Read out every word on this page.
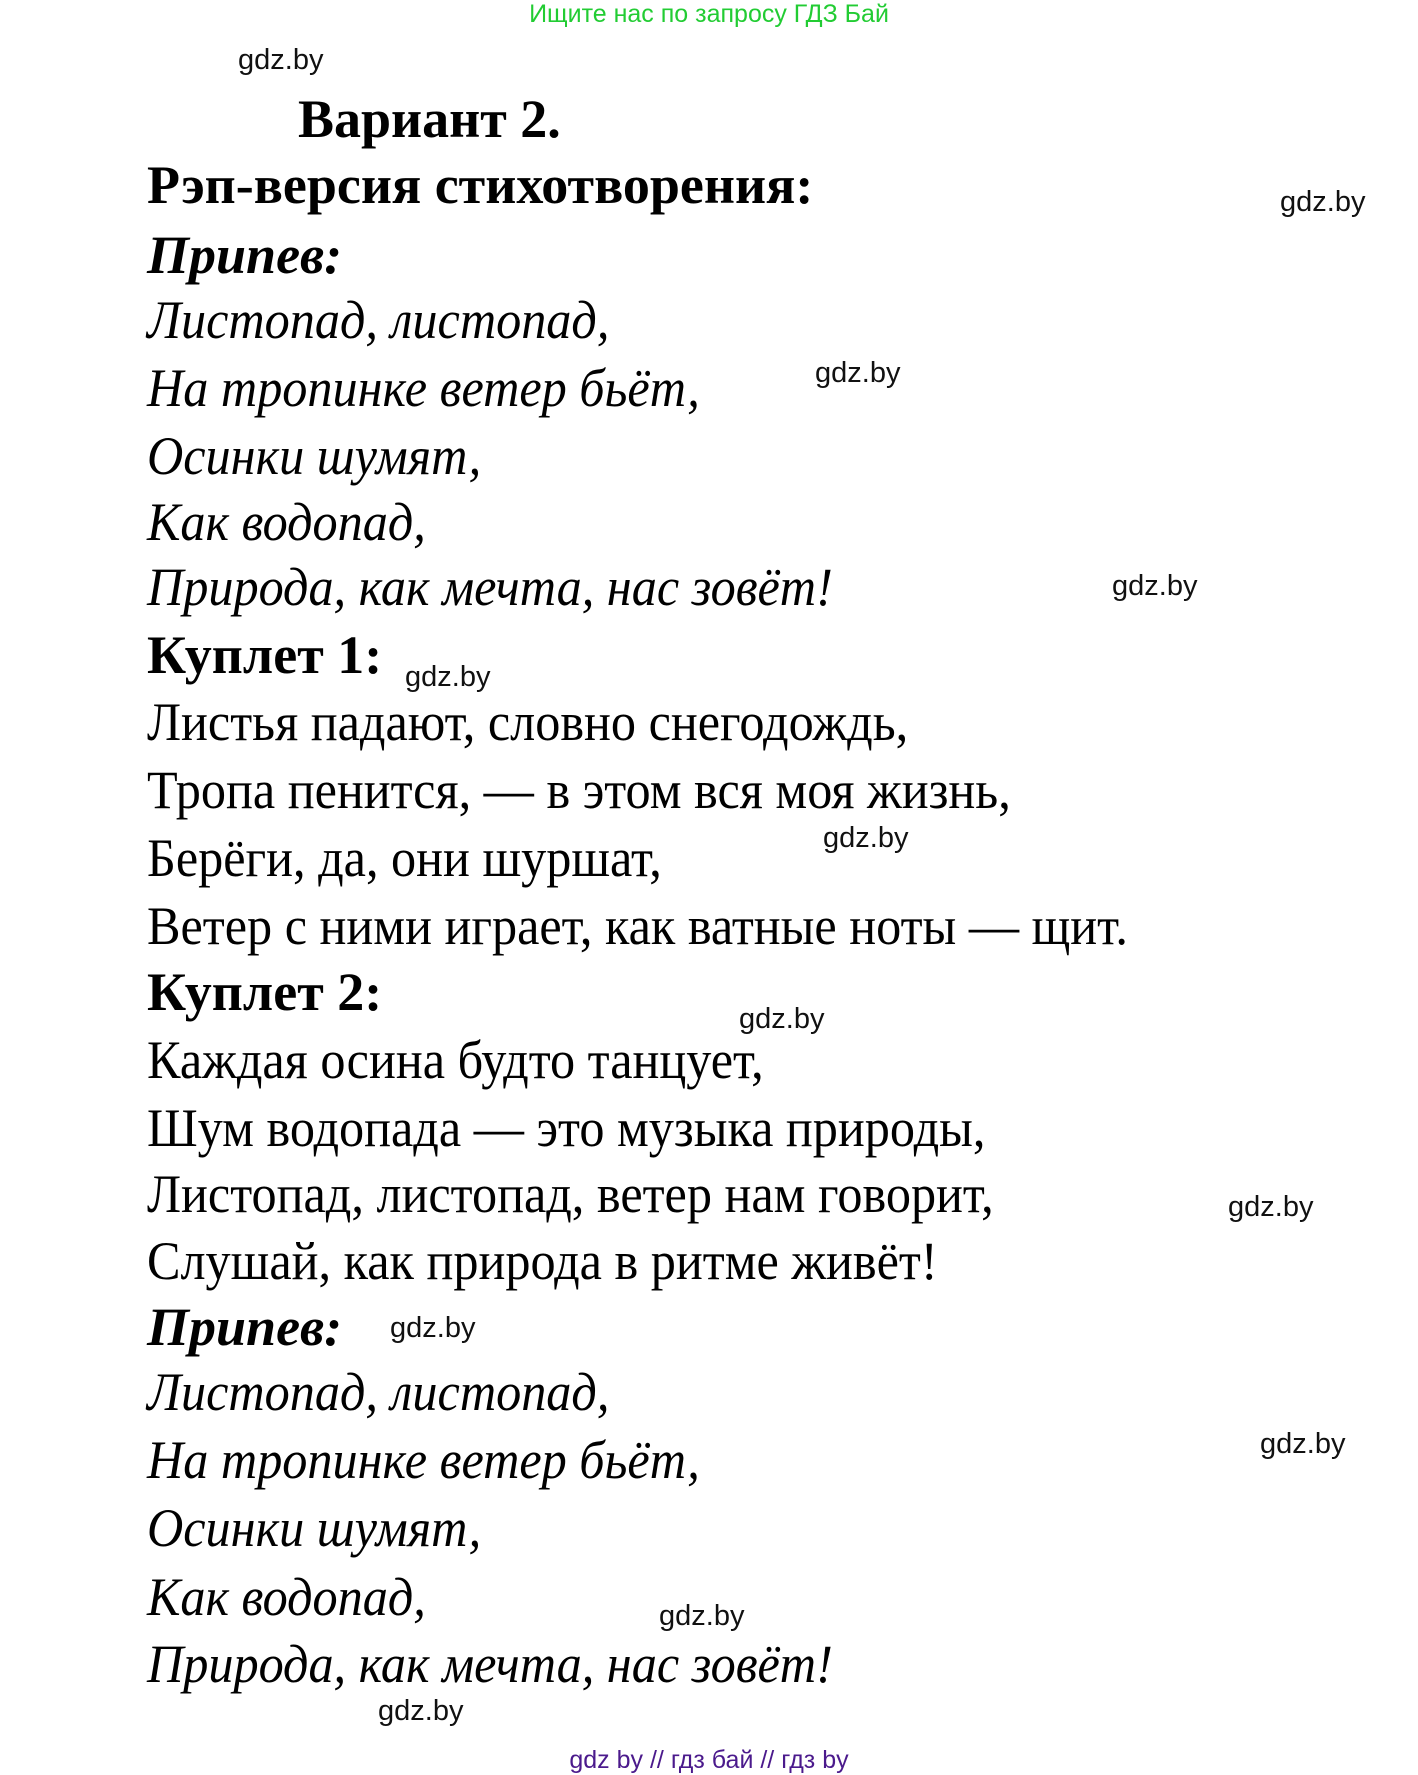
Ищите нас по запросу ГДЗ Бай
gdz.by
gdz.by
gdz.by
gdz.by
gdz.by
gdz.by
gdz.by
gdz.by
gdz.by
gdz.by
gdz.by
gdz.by
Вариант 2.
Рэп-версия стихотворения:
Припев:
Листопад, листопад,
На тропинке ветер бьёт,
Осинки шумят,
Как водопад,
Природа, как мечта, нас зовёт!
Куплет 1:
Листья падают, словно снегодождь,
Тропа пенится, — в этом вся моя жизнь,
Берёги, да, они шуршат,
Ветер с ними играет, как ватные ноты — щит.
Куплет 2:
Каждая осина будто танцует,
Шум водопада — это музыка природы,
Листопад, листопад, ветер нам говорит,
Слушай, как природа в ритме живёт!
Припев:
Листопад, листопад,
На тропинке ветер бьёт,
Осинки шумят,
Как водопад,
Природа, как мечта, нас зовёт!
gdz by // гдз бай // гдз by
